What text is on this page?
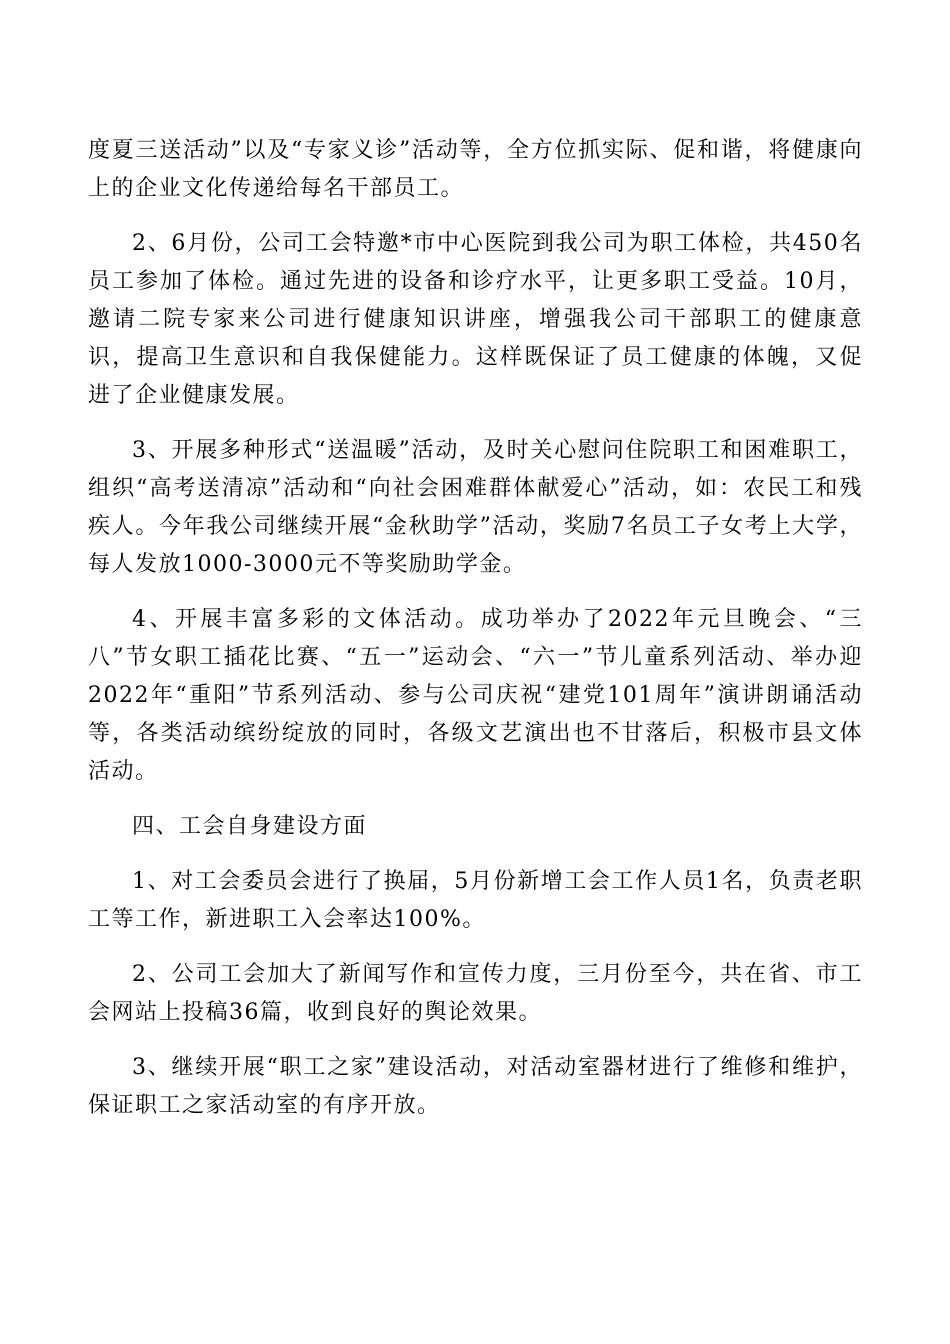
度夏三送活动”以及“专家义诊”活动等，全方位抓实际、促和谐，将健康向上的企业文化传递给每名干部员工。

2、6月份，公司工会特邀*市中心医院到我公司为职工体检，共450名员工参加了体检。通过先进的设备和诊疗水平，让更多职工受益。10月，邀请二院专家来公司进行健康知识讲座，增强我公司干部职工的健康意识，提高卫生意识和自我保健能力。这样既保证了员工健康的体魄，又促进了企业健康发展。

3、开展多种形式“送温暖”活动，及时关心慰问住院职工和困难职工，组织“高考送清凉”活动和“向社会困难群体献爱心”活动，如：农民工和残疾人。今年我公司继续开展“金秋助学”活动，奖励7名员工子女考上大学，每人发放1000-3000元不等奖励助学金。

4、开展丰富多彩的文体活动。成功举办了2022年元旦晚会、“三八”节女职工插花比赛、“五一”运动会、“六一”节儿童系列活动、举办迎2022年“重阳”节系列活动、参与公司庆祝“建党101周年”演讲朗诵活动等，各类活动缤纷绽放的同时，各级文艺演出也不甘落后，积极市县文体活动。

四、工会自身建设方面

1、对工会委员会进行了换届，5月份新增工会工作人员1名，负责老职工等工作，新进职工入会率达100%。

2、公司工会加大了新闻写作和宣传力度，三月份至今，共在省、市工会网站上投稿36篇，收到良好的舆论效果。

3、继续开展“职工之家”建设活动，对活动室器材进行了维修和维护，保证职工之家活动室的有序开放。
